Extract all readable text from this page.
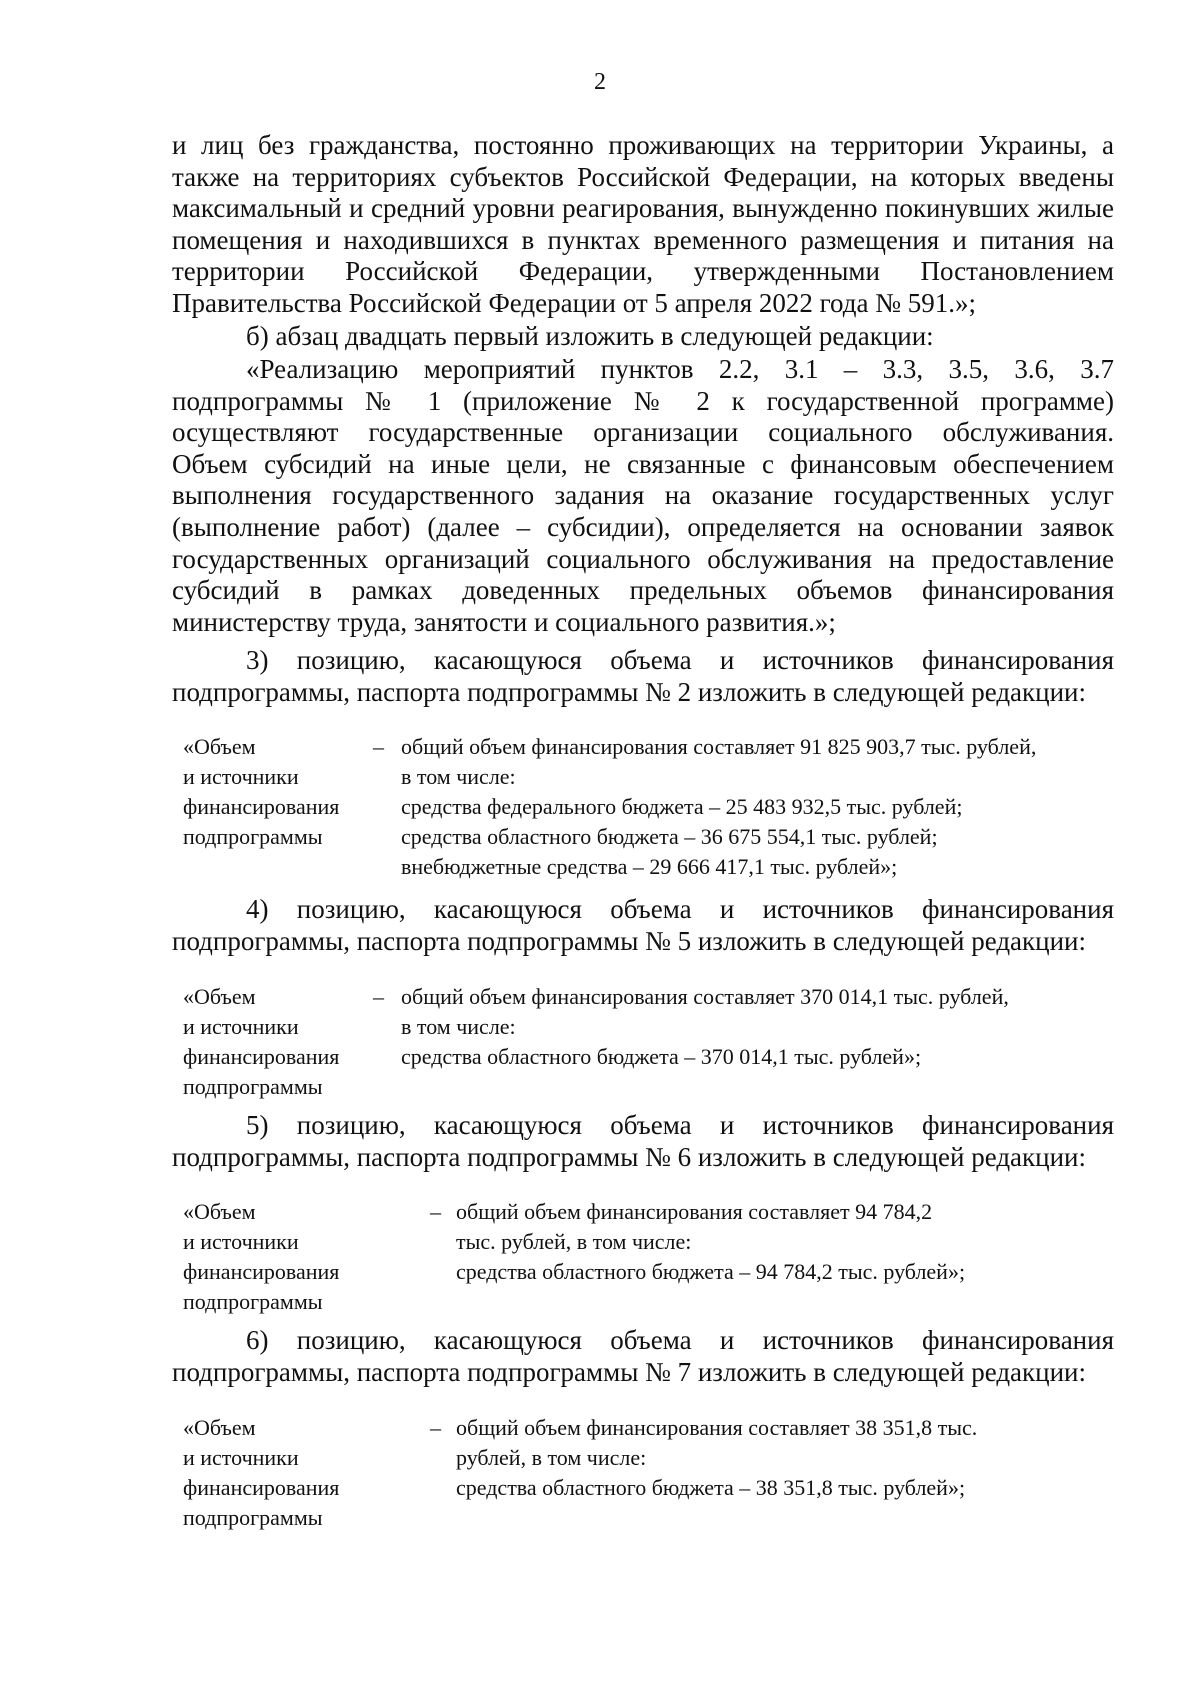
2
и лиц без гражданства, постоянно проживающих на территории Украины, а
также на территориях субъектов Российской Федерации, на которых введены
максимальный и средний уровни реагирования, вынужденно покинувших жилые
помещения и находившихся в пунктах временного размещения и питания на
территории Российской Федерации, утвержденными Постановлением
Правительства Российской Федерации от 5 апреля 2022 года № 591.»;
б) абзац двадцать первый изложить в следующей редакции:
«Реализацию мероприятий пунктов 2.2, 3.1 – 3.3, 3.5, 3.6, 3.7
подпрограммы № 1 (приложение № 2 к государственной программе)
осуществляют государственные организации социального обслуживания.
Объем субсидий на иные цели, не связанные с финансовым обеспечением
выполнения государственного задания на оказание государственных услуг
(выполнение работ) (далее – субсидии), определяется на основании заявок
государственных организаций социального обслуживания на предоставление
субсидий в рамках доведенных предельных объемов финансирования
министерству труда, занятости и социального развития.»;
3) позицию, касающуюся объема и источников финансирования
подпрограммы, паспорта подпрограммы № 2 изложить в следующей редакции:
«Объем
и источники
финансирования
подпрограммы
– общий объем финансирования составляет 91 825 903,7 тыс. рублей,
в том числе:
средства федерального бюджета – 25 483 932,5 тыс. рублей;
средства областного бюджета – 36 675 554,1 тыс. рублей;
внебюджетные средства – 29 666 417,1 тыс. рублей»;
4) позицию, касающуюся объема и источников финансирования
подпрограммы, паспорта подпрограммы № 5 изложить в следующей редакции:
«Объем
и источники
финансирования
подпрограммы
– общий объем финансирования составляет 370 014,1 тыс. рублей,
в том числе:
средства областного бюджета – 370 014,1 тыс. рублей»;
5) позицию, касающуюся объема и источников финансирования
подпрограммы, паспорта подпрограммы № 6 изложить в следующей редакции:
«Объем
и источники
финансирования
подпрограммы
– общий объем финансирования составляет 94 784,2
тыс. рублей, в том числе:
средства областного бюджета – 94 784,2 тыс. рублей»;
6) позицию, касающуюся объема и источников финансирования
подпрограммы, паспорта подпрограммы № 7 изложить в следующей редакции:
«Объем
и источники
финансирования
подпрограммы
– общий объем финансирования составляет 38 351,8 тыс.
рублей, в том числе:
средства областного бюджета – 38 351,8 тыс. рублей»;
